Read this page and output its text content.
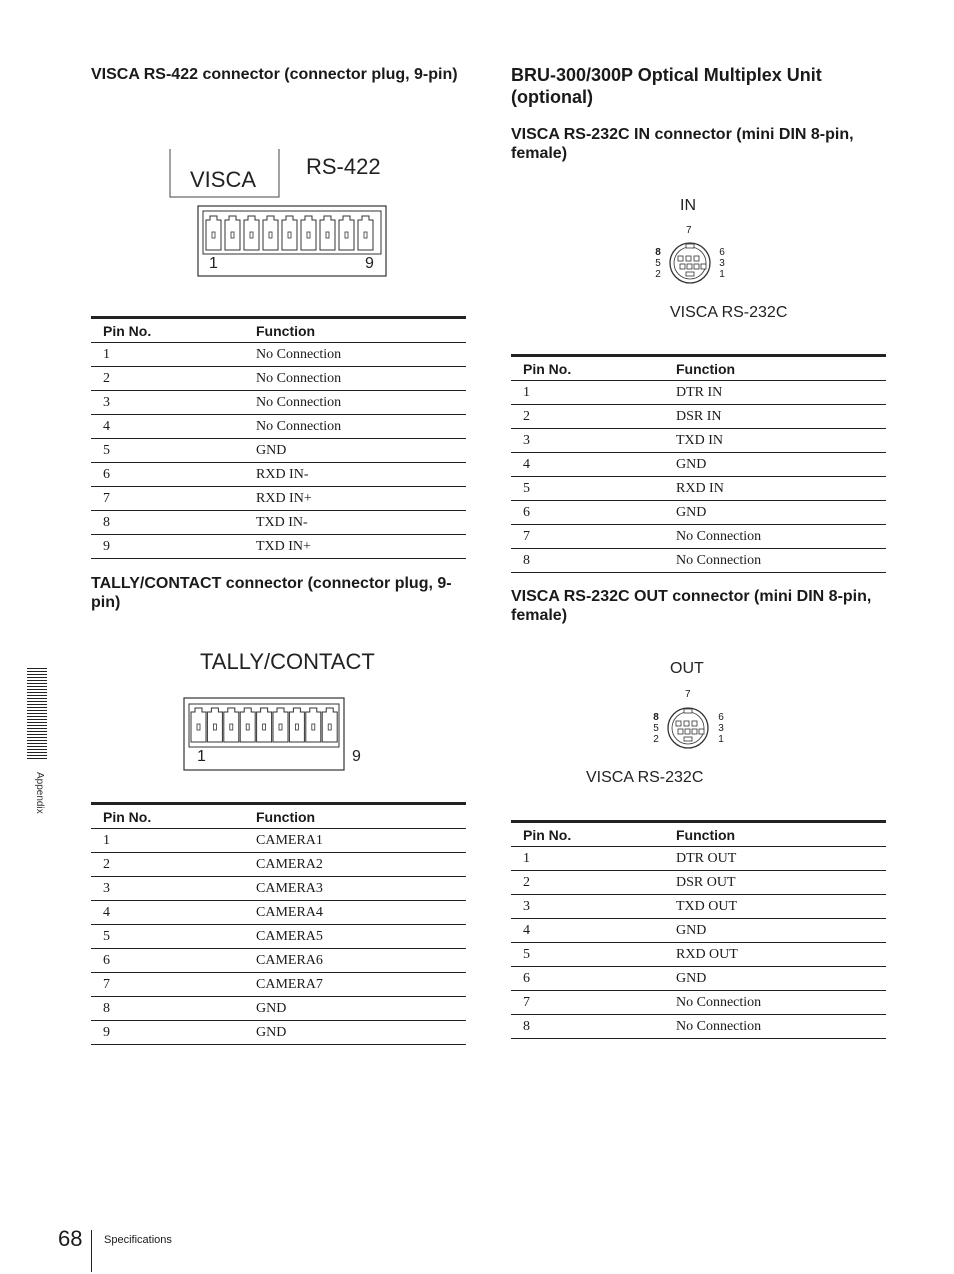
VISCA RS-422 connector (connector plug, 9-pin)
VISCA
RS-422
1	9
Pin No.	Function
1	No Connection
2	No Connection
3	No Connection
4	No Connection
5	GND
6	RXD IN-
7	RXD IN+
8	TXD IN-
9	TXD IN+
TALLY/CONTACT connector (connector plug, 9-pin)
TALLY/CONTACT
1	9
Pin No.	Function
1	CAMERA1
2	CAMERA2
3	CAMERA3
4	CAMERA4
5	CAMERA5
6	CAMERA6
7	CAMERA7
8	GND
9	GND
BRU-300/300P Optical Multiplex Unit (optional)
VISCA RS-232C IN connector (mini DIN 8-pin, female)
IN
7
8
5
2
6
3
1
VISCA RS-232C
Pin No.	Function
1	DTR IN
2	DSR IN
3	TXD IN
4	GND
5	RXD IN
6	GND
7	No Connection
8	No Connection
VISCA RS-232C OUT connector (mini DIN 8-pin, female)
OUT
7
8
5
2
6
3
1
VISCA RS-232C
Pin No.	Function
1	DTR OUT
2	DSR OUT
3	TXD OUT
4	GND
5	RXD OUT
6	GND
7	No Connection
8	No Connection
Appendix
68 Specifications
